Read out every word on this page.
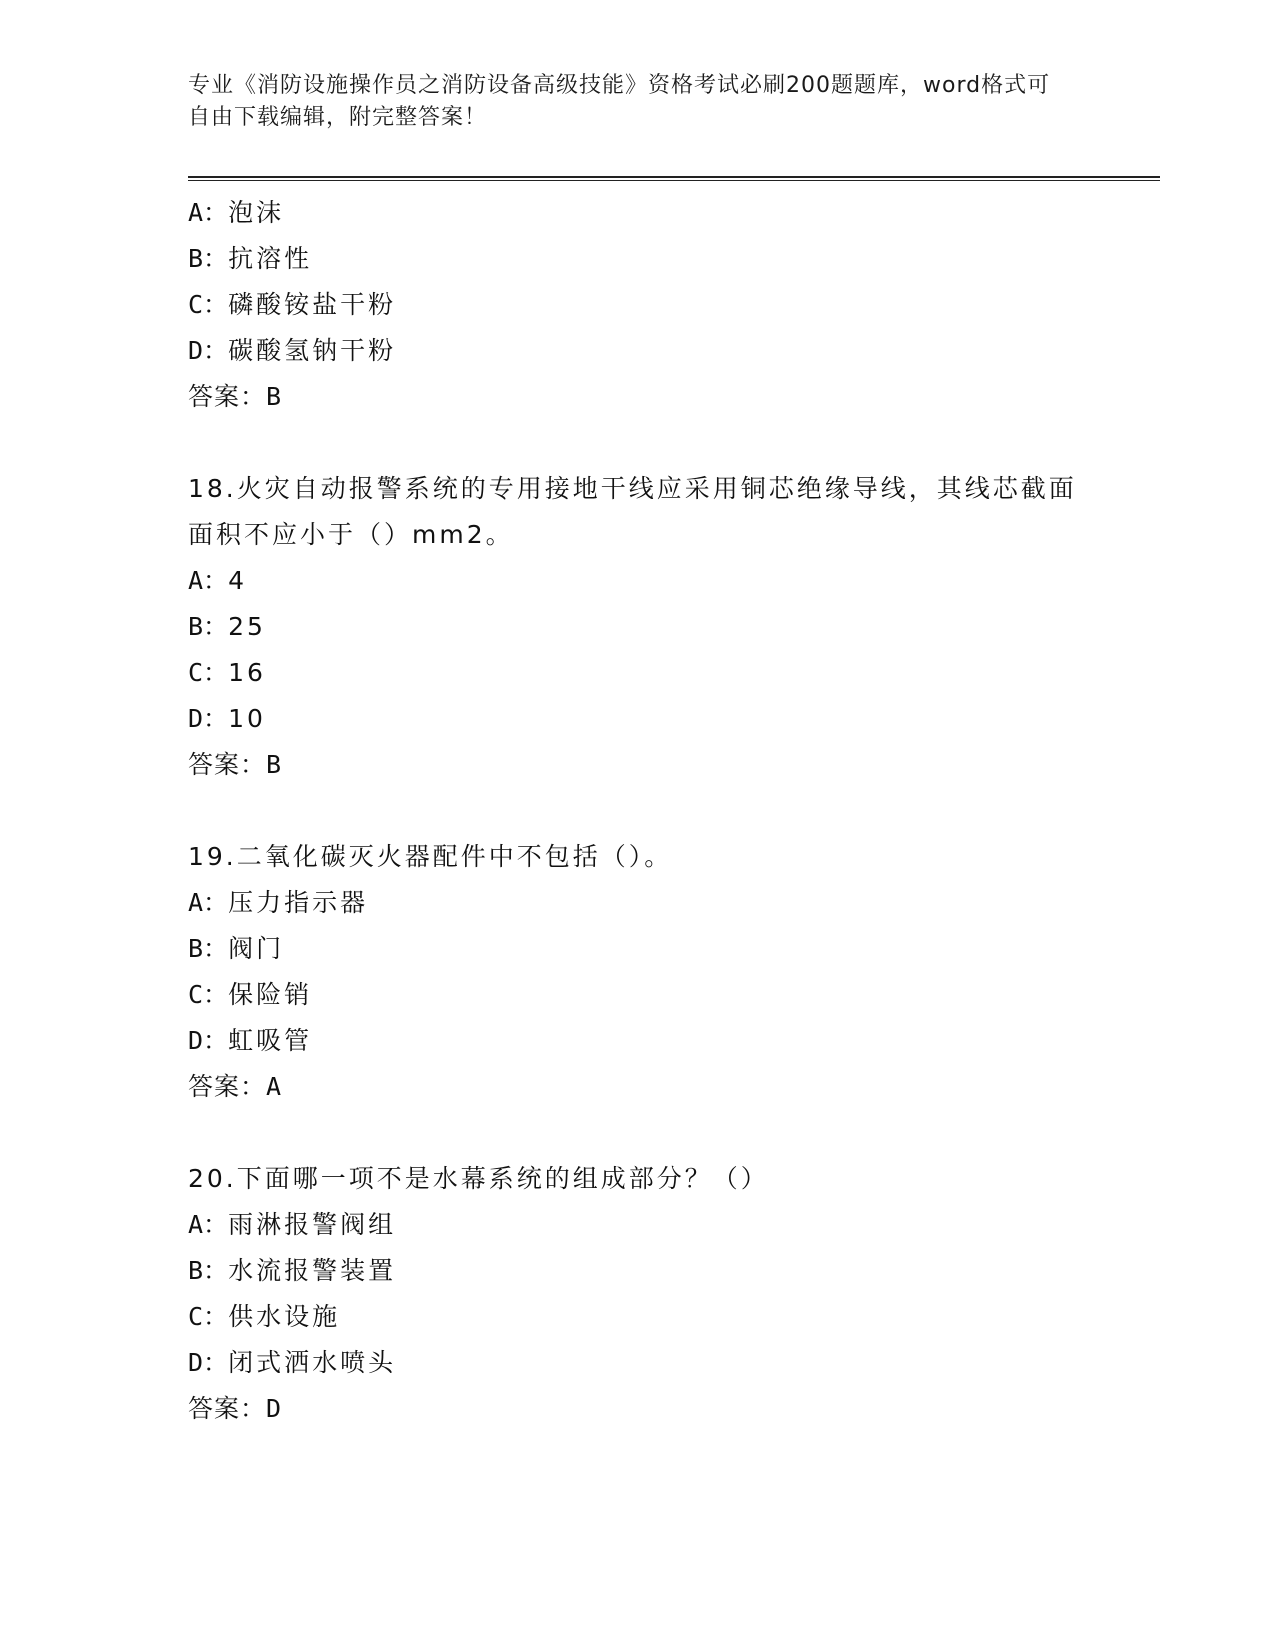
专业《消防设施操作员之消防设备高级技能》资格考试必刷200题题库，word格式可自由下载编辑，附完整答案！
A：泡沫
B：抗溶性
C：磷酸铵盐干粉
D：碳酸氢钠干粉
答案：B
18.火灾自动报警系统的专用接地干线应采用铜芯绝缘导线，其线芯截面面积不应小于（）mm2。
A：4
B：25
C：16
D：10
答案：B
19.二氧化碳灭火器配件中不包括（）。
A：压力指示器
B：阀门
C：保险销
D：虹吸管
答案：A
20.下面哪一项不是水幕系统的组成部分？（）
A：雨淋报警阀组
B：水流报警装置
C：供水设施
D：闭式洒水喷头
答案：D
